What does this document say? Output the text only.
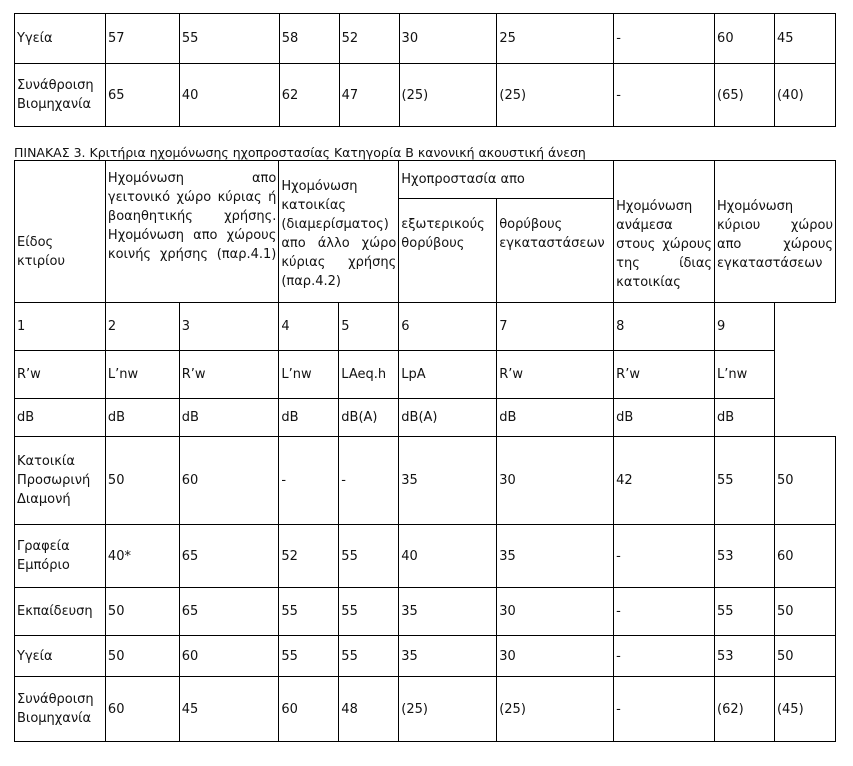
Υγεία	57	55	58	52	30	25	-	60	45
Συνάθροιση Βιομηχανία	65	40	62	47	(25)	(25)	-	(65)	(40)
ΠΙΝΑΚΑΣ 3. Κριτήρια ηχομόνωσης ηχοπροστασίας Κατηγορία Β κανονική ακουστική άνεση
Είδος κτιρίου	Ηχομόνωση απο γειτονικό χώρο κύριας ή βοαηθητικής χρήσης. Ηχομόνωση απο χώρους κοινής χρήσης (παρ.4.1)		Ηχομόνωση κατοικίας (διαμερίσματος) απο άλλο χώρο κύριας χρήσης (παρ.4.2)		Ηχοπροστασία απο		Ηχομόνωση ανάμεσα στους χώρους της ίδιας κατοικίας	Ηχομόνωση κύριου χώρου απο χώρους εγκαταστάσεων	
					εξωτερικούς θορύβους	θορύβους εγκαταστάσεων			
1	2	3	4	5	6	7	8	9	
R’w	L’nw	R’w	L’nw	LAeq.h	LpA	R’w	R’w	L’nw	
dB	dB	dB	dB	dB(A)	dB(A)	dB	dB	dB	
Κατοικία Προσωρινή Διαμονή	50	60	-	-	35	30	42	55	50
Γραφεία Εμπόριο	40*	65	52	55	40	35	-	53	60
Εκπαίδευση	50	65	55	55	35	30	-	55	50
Υγεία	50	60	55	55	35	30	-	53	50
Συνάθροιση Βιομηχανία	60	45	60	48	(25)	(25)	-	(62)	(45)
